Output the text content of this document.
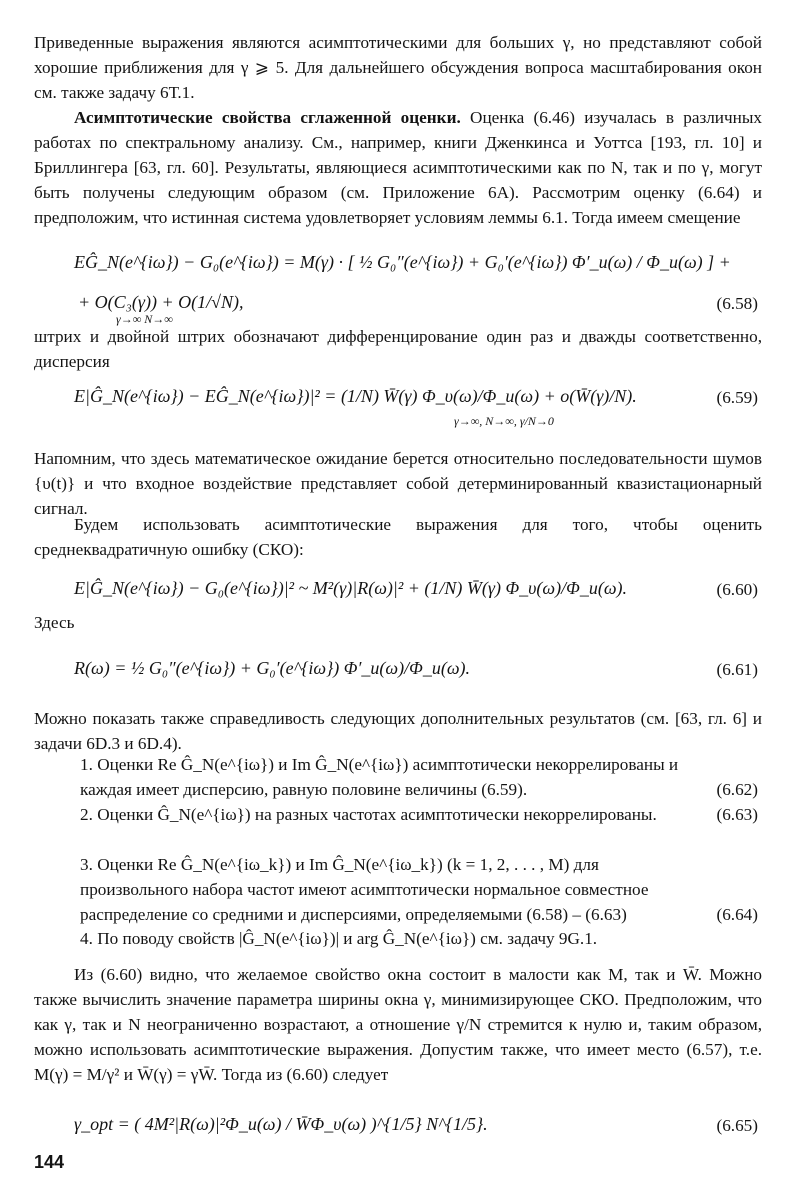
Приведенные выражения являются асимптотическими для больших γ, но представляют собой хорошие приближения для γ ⩾ 5. Для дальнейшего обсуждения вопроса масштабирования окон см. также задачу 6Т.1.

Асимптотические свойства сглаженной оценки. Оценка (6.46) изучалась в различных работах по спектральному анализу. См., например, книги Дженкинса и Уоттса [193, гл. 10] и Бриллингера [63, гл. 60]. Результаты, являющиеся асимптотическими как по N, так и по γ, могут быть получены следующим образом (см. Приложение 6А). Рассмотрим оценку (6.64) и предположим, что истинная система удовлетворяет условиям леммы 6.1. Тогда имеем смещение

EĜ_N(e^{iω}) − G₀(e^{iω}) = M(γ) · [ ½ G₀″(e^{iω}) + G₀′(e^{iω}) Φ′_u(ω) / Φ_u(ω) ] +
+ O(C₃(γ)) + O(1/√N),
γ→∞ N→∞
(6.58)

штрих и двойной штрих обозначают дифференцирование один раз и дважды соответственно, дисперсия

E|Ĝ_N(e^{iω}) − EĜ_N(e^{iω})|² = (1/N) W̄(γ) Φ_υ(ω)/Φ_u(ω) + o(W̄(γ)/N).
γ→∞, N→∞, γ/N→0
(6.59)

Напомним, что здесь математическое ожидание берется относительно последовательности шумов {υ(t)} и что входное воздействие представляет собой детерминированный квазистационарный сигнал.

Будем использовать асимптотические выражения для того, чтобы оценить среднеквадратичную ошибку (СКО):

E|Ĝ_N(e^{iω}) − G₀(e^{iω})|² ~ M²(γ)|R(ω)|² + (1/N) W̄(γ) Φ_υ(ω)/Φ_u(ω).	(6.60)

Здесь

R(ω) = ½ G₀″(e^{iω}) + G₀′(e^{iω}) Φ′_u(ω)/Φ_u(ω).	(6.61)

Можно показать также справедливость следующих дополнительных результатов (см. [63, гл. 6] и задачи 6D.3 и 6D.4).

1. Оценки Re Ĝ_N(e^{iω}) и Im Ĝ_N(e^{iω}) асимптотически некоррелированы и каждая имеет дисперсию, равную половине величины (6.59).	(6.62)
2. Оценки Ĝ_N(e^{iω}) на разных частотах асимптотически некоррелированы.	(6.63)
3. Оценки Re Ĝ_N(e^{iω_k}) и Im Ĝ_N(e^{iω_k}) (k = 1, 2, . . . , M) для произвольного набора частот имеют асимптотически нормальное совместное распределение со средними и дисперсиями, определяемыми (6.58) – (6.63)	(6.64)
4. По поводу свойств |Ĝ_N(e^{iω})| и arg Ĝ_N(e^{iω}) см. задачу 9G.1.

Из (6.60) видно, что желаемое свойство окна состоит в малости как M, так и W̄. Можно также вычислить значение параметра ширины окна γ, минимизирующее СКО. Предположим, что как γ, так и N неограниченно возрастают, а отношение γ/N стремится к нулю и, таким образом, можно использовать асимптотические выражения. Допустим также, что имеет место (6.57), т.е. M(γ) = M/γ² и W̄(γ) = γW̄. Тогда из (6.60) следует

γ_opt = ( 4M²|R(ω)|²Φ_u(ω) / W̄Φ_υ(ω) )^{1/5} N^{1/5}.	(6.65)
144
